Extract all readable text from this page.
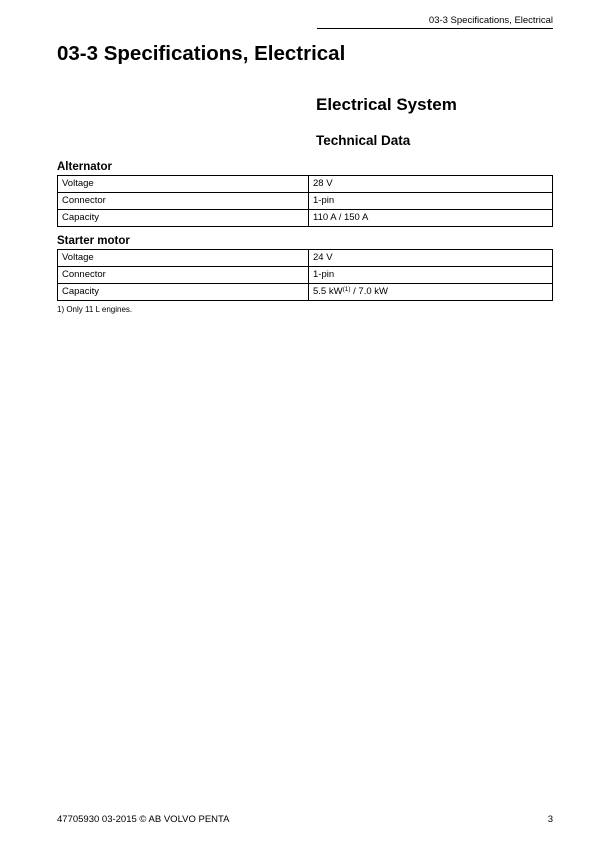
03-3 Specifications, Electrical
03-3 Specifications, Electrical
Electrical System
Technical Data
Alternator
Voltage	28 V
Connector	1-pin
Capacity	110 A / 150 A
Starter motor
Voltage	24 V
Connector	1-pin
Capacity	5.5 $kW^{(1)} / 7.0$ kW
1) Only 11 L engines.
47705930 03-2015 © AB VOLVO PENTA	3
